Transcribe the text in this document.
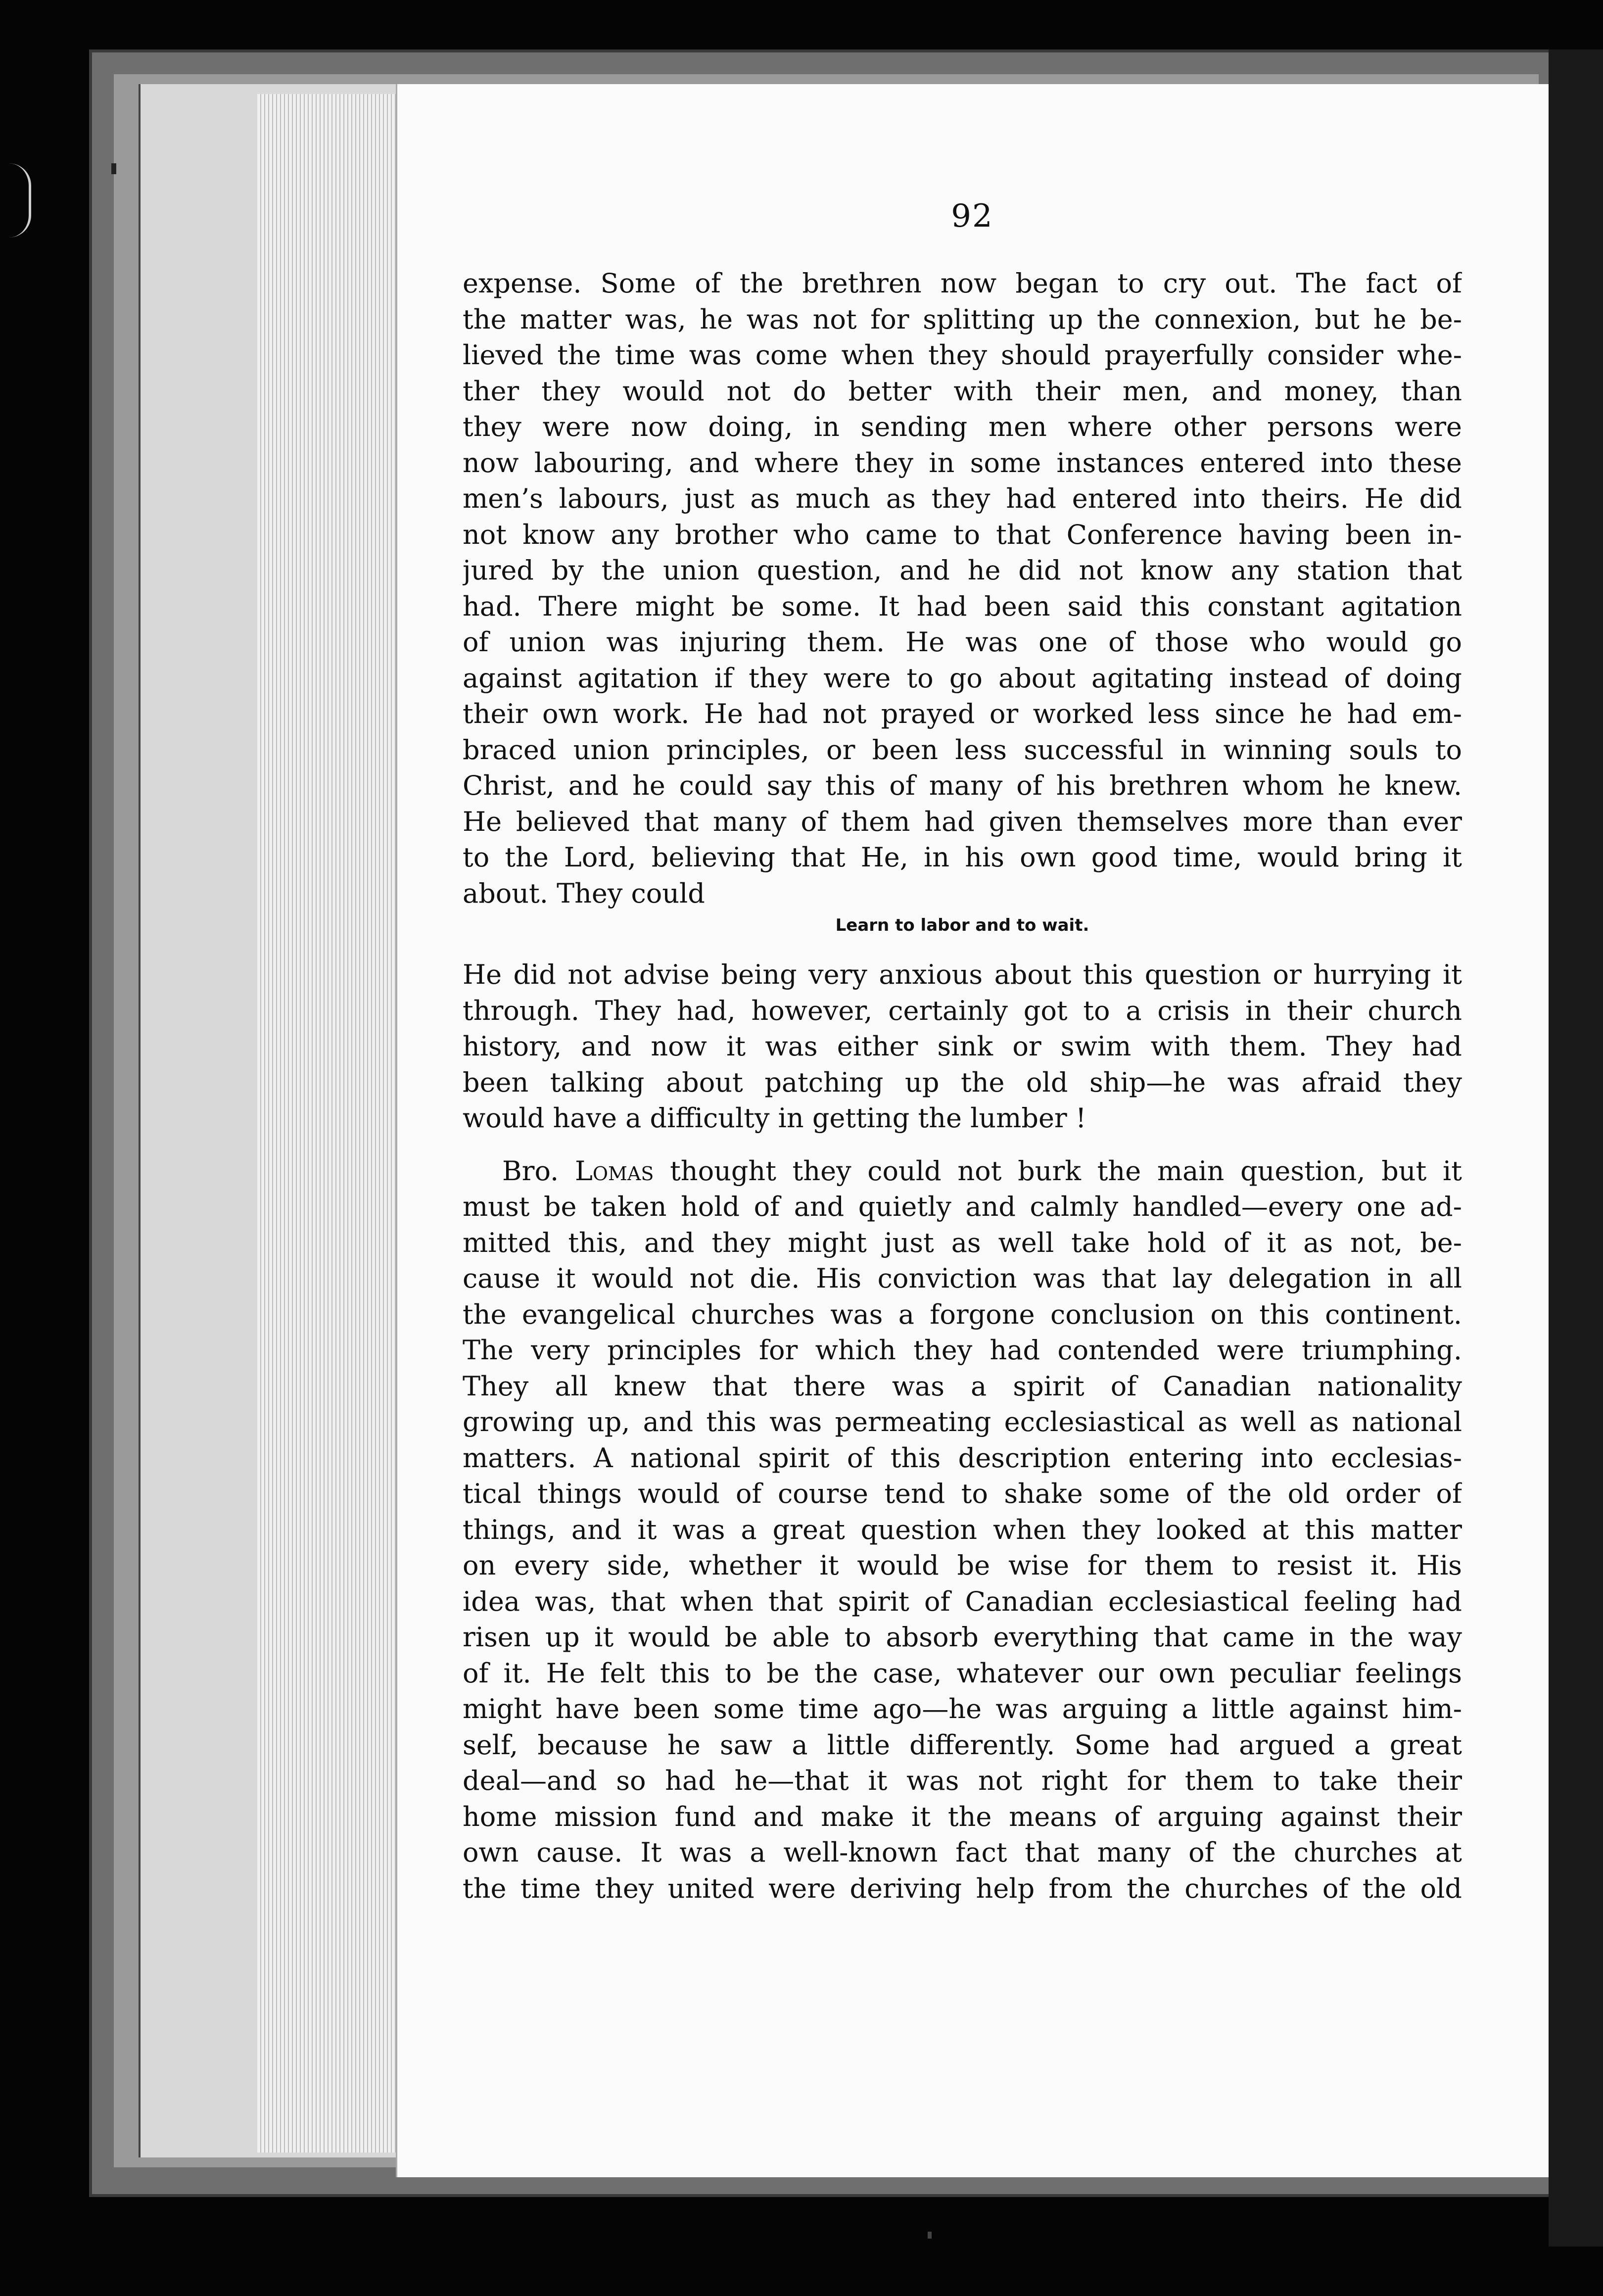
92
expense. Some of the brethren now began to cry out. The fact of
the matter was, he was not for splitting up the connexion, but he be-
lieved the time was come when they should prayerfully consider whe-
ther they would not do better with their men, and money, than
they were now doing, in sending men where other persons were
now labouring, and where they in some instances entered into these
men’s labours, just as much as they had entered into theirs. He did
not know any brother who came to that Conference having been in-
jured by the union question, and he did not know any station that
had. There might be some. It had been said this constant agitation
of union was injuring them. He was one of those who would go
against agitation if they were to go about agitating instead of doing
their own work. He had not prayed or worked less since he had em-
braced union principles, or been less successful in winning souls to
Christ, and he could say this of many of his brethren whom he knew.
He believed that many of them had given themselves more than ever
to the Lord, believing that He, in his own good time, would bring it
about. They could
Learn to labor and to wait.
He did not advise being very anxious about this question or hurrying it
through. They had, however, certainly got to a crisis in their church
history, and now it was either sink or swim with them. They had
been talking about patching up the old ship—he was afraid they
would have a difficulty in getting the lumber !
Bro. Lomas thought they could not burk the main question, but it
must be taken hold of and quietly and calmly handled—every one ad-
mitted this, and they might just as well take hold of it as not, be-
cause it would not die. His conviction was that lay delegation in all
the evangelical churches was a forgone conclusion on this continent.
The very principles for which they had contended were triumphing.
They all knew that there was a spirit of Canadian nationality
growing up, and this was permeating ecclesiastical as well as national
matters. A national spirit of this description entering into ecclesias-
tical things would of course tend to shake some of the old order of
things, and it was a great question when they looked at this matter
on every side, whether it would be wise for them to resist it. His
idea was, that when that spirit of Canadian ecclesiastical feeling had
risen up it would be able to absorb everything that came in the way
of it. He felt this to be the case, whatever our own peculiar feelings
might have been some time ago—he was arguing a little against him-
self, because he saw a little differently. Some had argued a great
deal—and so had he—that it was not right for them to take their
home mission fund and make it the means of arguing against their
own cause. It was a well-known fact that many of the churches at
the time they united were deriving help from the churches of the old
